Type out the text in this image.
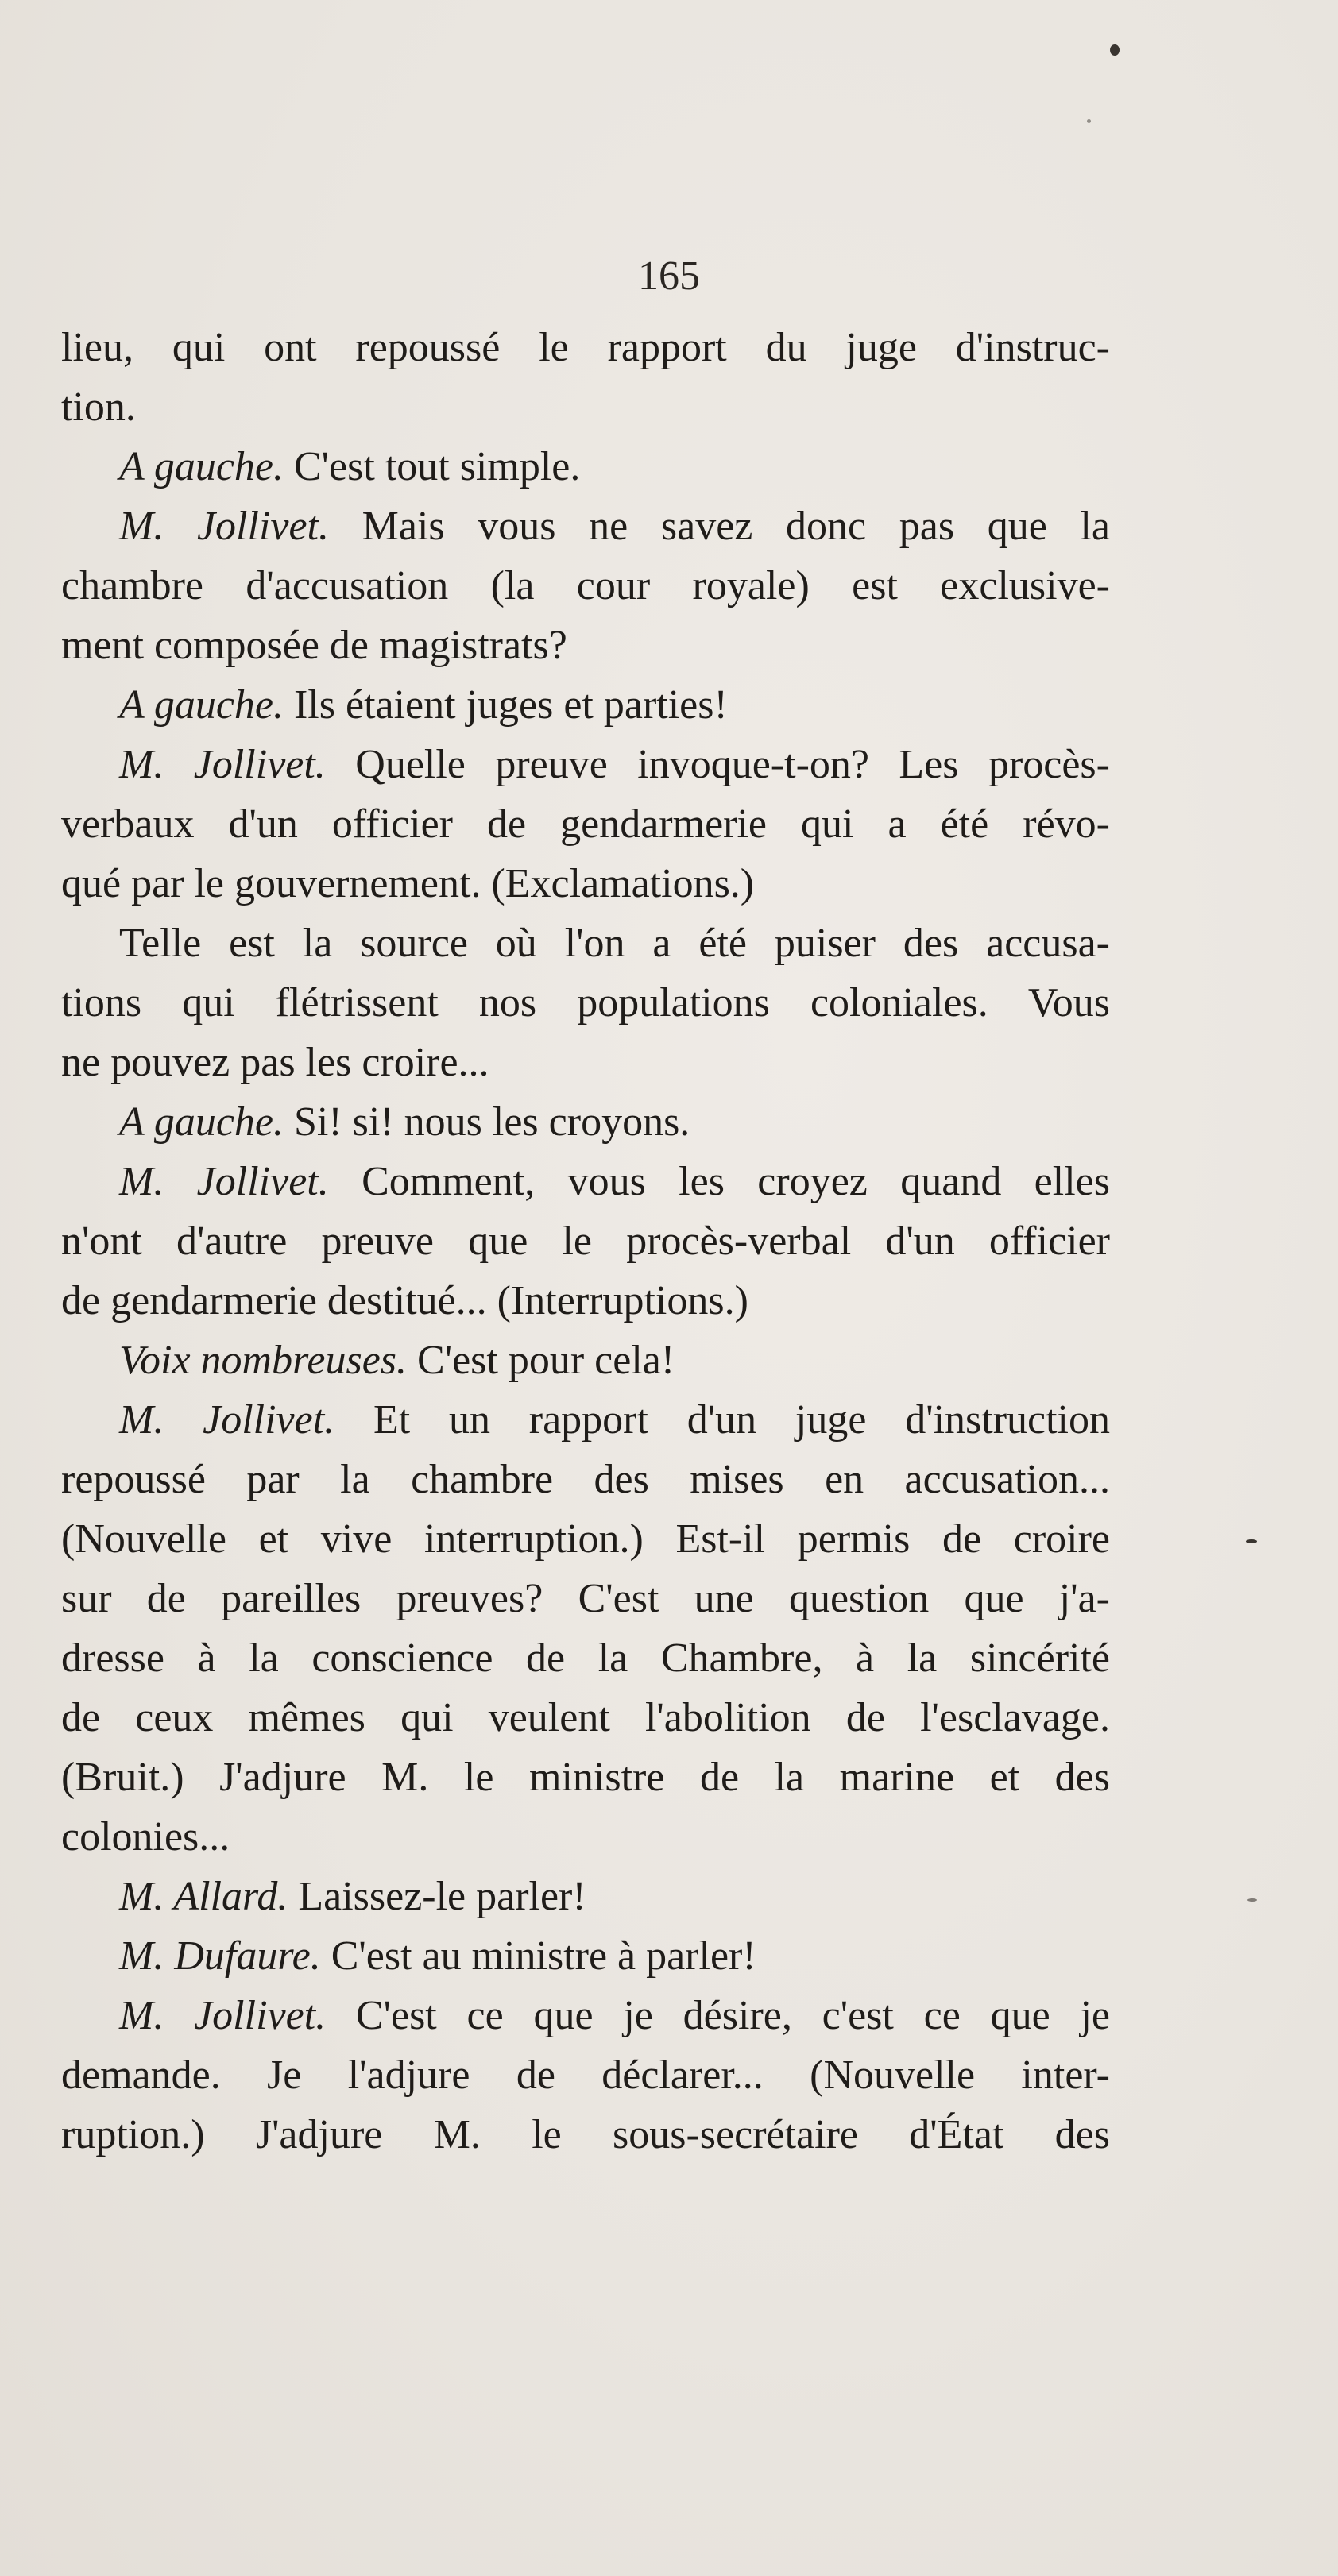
165
lieu, qui ont repoussé le rapport du juge d'instruc-
tion.
A gauche. C'est tout simple.
M. Jollivet. Mais vous ne savez donc pas que la
chambre d'accusation (la cour royale) est exclusive-
ment composée de magistrats?
A gauche. Ils étaient juges et parties!
M. Jollivet. Quelle preuve invoque-t-on? Les procès-
verbaux d'un officier de gendarmerie qui a été révo-
qué par le gouvernement. (Exclamations.)
Telle est la source où l'on a été puiser des accusa-
tions qui flétrissent nos populations coloniales. Vous
ne pouvez pas les croire...
A gauche. Si! si! nous les croyons.
M. Jollivet. Comment, vous les croyez quand elles
n'ont d'autre preuve que le procès-verbal d'un officier
de gendarmerie destitué... (Interruptions.)
Voix nombreuses. C'est pour cela!
M. Jollivet. Et un rapport d'un juge d'instruction
repoussé par la chambre des mises en accusation...
(Nouvelle et vive interruption.) Est-il permis de croire
sur de pareilles preuves? C'est une question que j'a-
dresse à la conscience de la Chambre, à la sincérité
de ceux mêmes qui veulent l'abolition de l'esclavage.
(Bruit.) J'adjure M. le ministre de la marine et des
colonies...
M. Allard. Laissez-le parler!
M. Dufaure. C'est au ministre à parler!
M. Jollivet. C'est ce que je désire, c'est ce que je
demande. Je l'adjure de déclarer... (Nouvelle inter-
ruption.) J'adjure M. le sous-secrétaire d'État des
